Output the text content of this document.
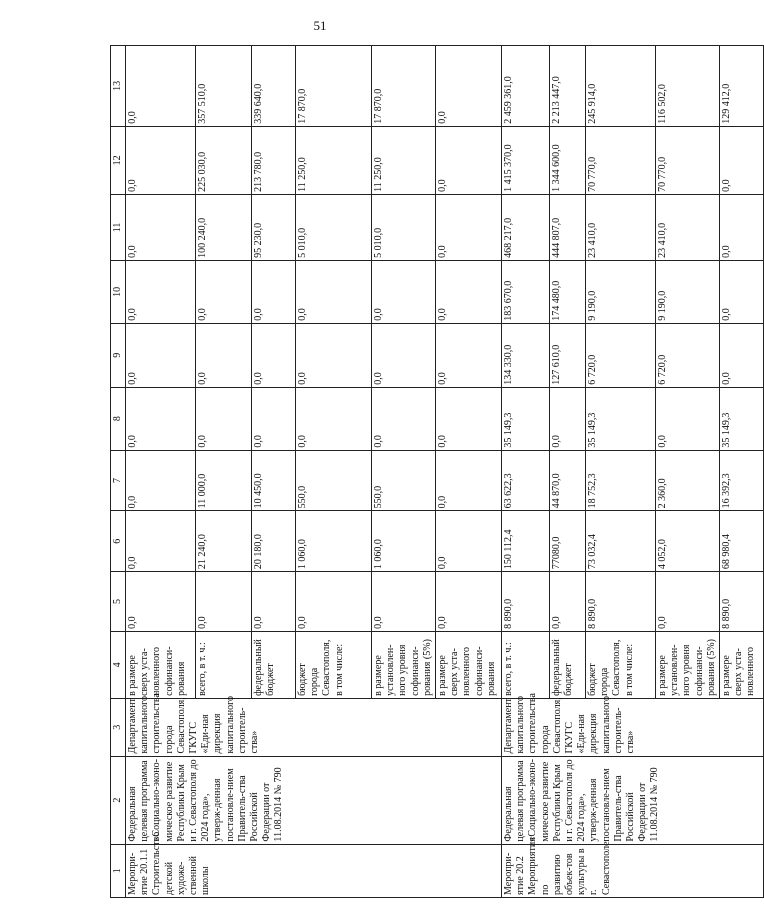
51
1	2	3	4	5	6	7	8	9	10	11	12	13
Меропри-ятие 20.1.1 Строительство детской художе-ственной школы	Федеральная целевая программа «Социально-эконо-мическое развитие Республики Крым и г. Севастополя до 2024 года», утверж-денная постановле-нием Правитель-ства Российской Федерации от 11.08.2014 № 790	Департамент капитального строительства города Севастополя, ГКУГС «Еди-ная дирекция капитального строитель-ства»	в размере сверх уста-новленного софинанси-рования	0,0	0,0	0,0	0,0	0,0	0,0	0,0	0,0	0,0
			всего, в т. ч.:	0,0	21 240,0	11 000,0	0,0	0,0	0,0	100 240,0	225 030,0	357 510,0
			федеральный бюджет	0,0	20 180,0	10 450,0	0,0	0,0	0,0	95 230,0	213 780,0	339 640,0
			бюджет города Севастополя, в том числе:	0,0	1 060,0	550,0	0,0	0,0	0,0	5 010,0	11 250,0	17 870,0
			в размере установлен-ного уровня софинанси-рования (5%)	0,0	1 060,0	550,0	0,0	0,0	0,0	5 010,0	11 250,0	17 870,0
			в размере сверх уста-новленного софинанси-рования	0,0	0,0	0,0	0,0	0,0	0,0	0,0	0,0	0,0
Меропри-ятие 20.2 Мероприятия по развитию объек-тов культуры в г. Севастополе	Федеральная целевая программа «Социально-эконо-мическое развитие Республики Крым и г. Севастополя до 2024 года», утверж-денная постановле-нием Правитель-ства Российской Федерации от 11.08.2014 № 790	Департамент капитального строительства города Севастополя, ГКУГС «Еди-ная дирекция капитального строитель-ства»	всего, в т. ч.:	8 890,0	150 112,4	63 622,3	35 149,3	134 330,0	183 670,0	468 217,0	1 415 370,0	2 459 361,0
			федеральный бюджет	0,0	77080,0	44 870,0	0,0	127 610,0	174 480,0	444 807,0	1 344 600,0	2 213 447,0
			бюджет города Севастополя, в том числе:	8 890,0	73 032,4	18 752,3	35 149,3	6 720,0	9 190,0	23 410,0	70 770,0	245 914,0
			в размере установлен-ного уровня софинанси-рования (5%)	0,0	4 052,0	2 360,0	0,0	6 720,0	9 190,0	23 410,0	70 770,0	116 502,0
			в размере сверх уста-новленного	8 890,0	68 980,4	16 392,3	35 149,3	0,0	0,0	0,0	0,0	129 412,0
